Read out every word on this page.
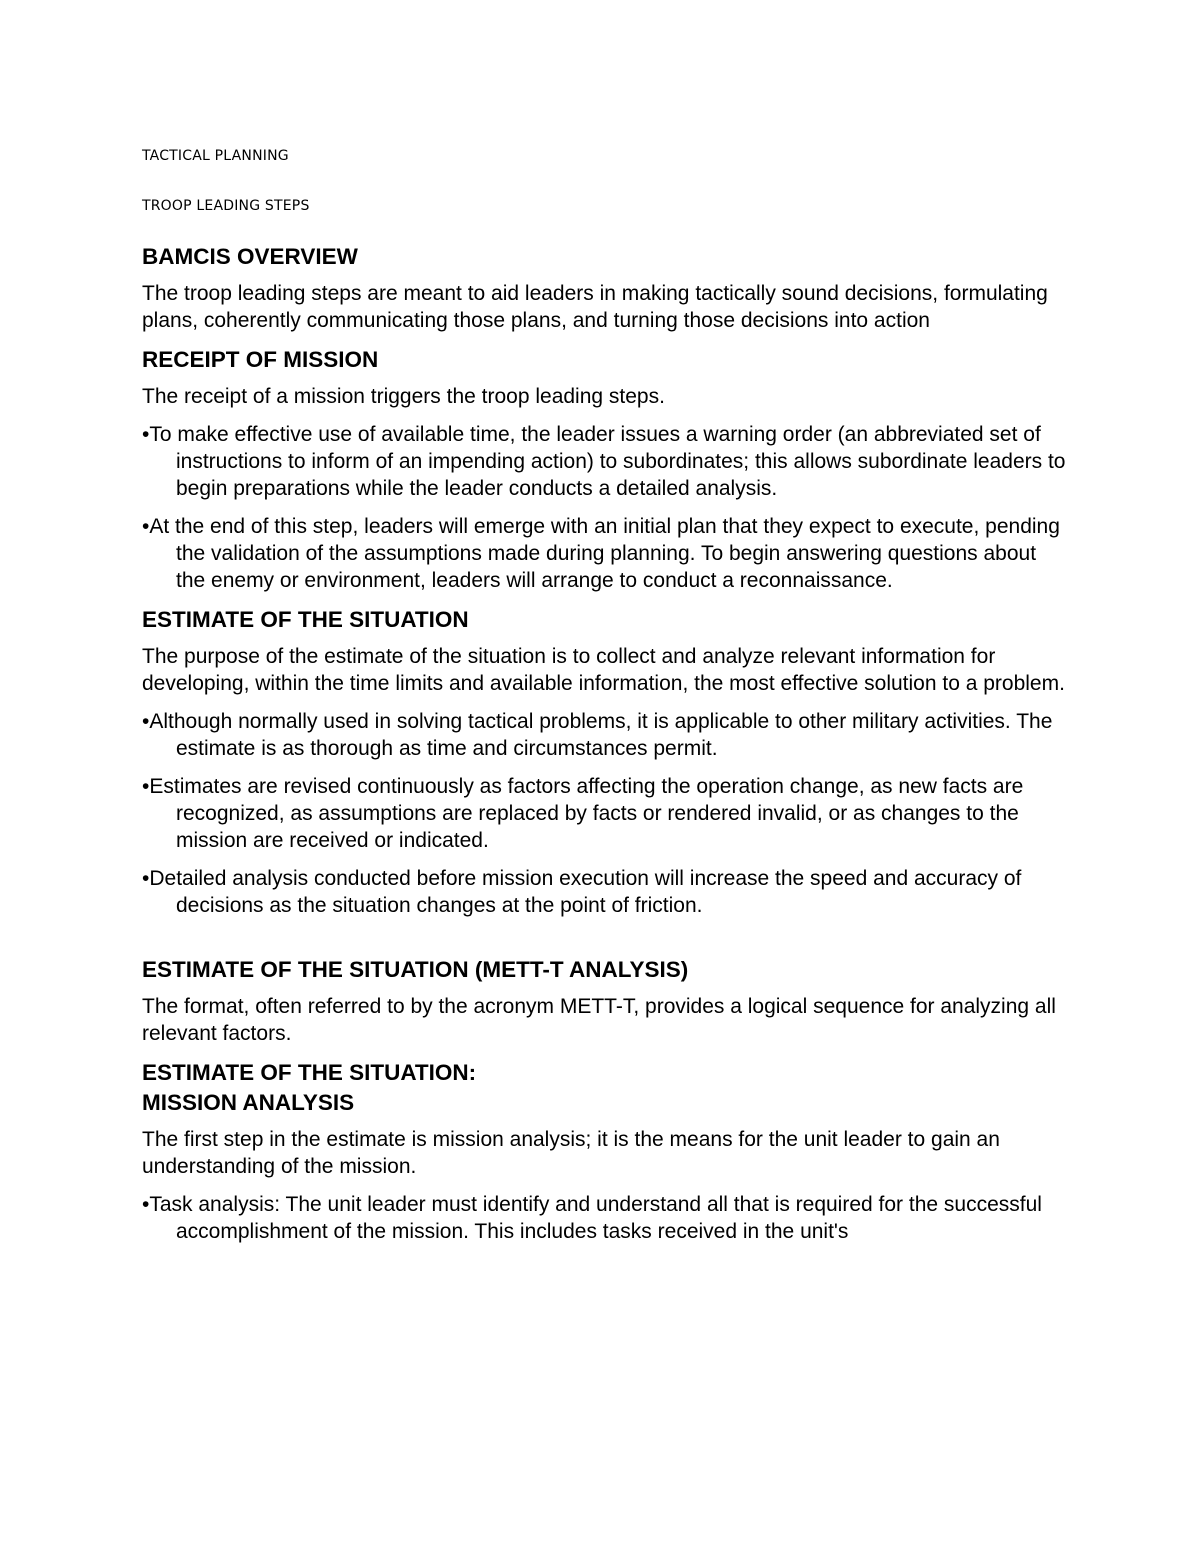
TACTICAL PLANNING

TROOP LEADING STEPS

BAMCIS OVERVIEW

The troop leading steps are meant to aid leaders in making tactically sound decisions, formulating plans, coherently communicating those plans, and turning those decisions into action

RECEIPT OF MISSION

The receipt of a mission triggers the troop leading steps.

•To make effective use of available time, the leader issues a warning order (an abbreviated set of instructions to inform of an impending action) to subordinates; this allows subordinate leaders to begin preparations while the leader conducts a detailed analysis.

•At the end of this step, leaders will emerge with an initial plan that they expect to execute, pending the validation of the assumptions made during planning. To begin answering questions about the enemy or environment, leaders will arrange to conduct a reconnaissance.

ESTIMATE OF THE SITUATION

The purpose of the estimate of the situation is to collect and analyze relevant information for developing, within the time limits and available information, the most effective solution to a problem.

•Although normally used in solving tactical problems, it is applicable to other military activities. The estimate is as thorough as time and circumstances permit.

•Estimates are revised continuously as factors affecting the operation change, as new facts are recognized, as assumptions are replaced by facts or rendered invalid, or as changes to the mission are received or indicated.

•Detailed analysis conducted before mission execution will increase the speed and accuracy of decisions as the situation changes at the point of friction.

ESTIMATE OF THE SITUATION (METT-T ANALYSIS)

The format, often referred to by the acronym METT-T, provides a logical sequence for analyzing all relevant factors.

ESTIMATE OF THE SITUATION:
MISSION ANALYSIS

The first step in the estimate is mission analysis; it is the means for the unit leader to gain an understanding of the mission.

•Task analysis: The unit leader must identify and understand all that is required for the successful accomplishment of the mission. This includes tasks received in the unit's
